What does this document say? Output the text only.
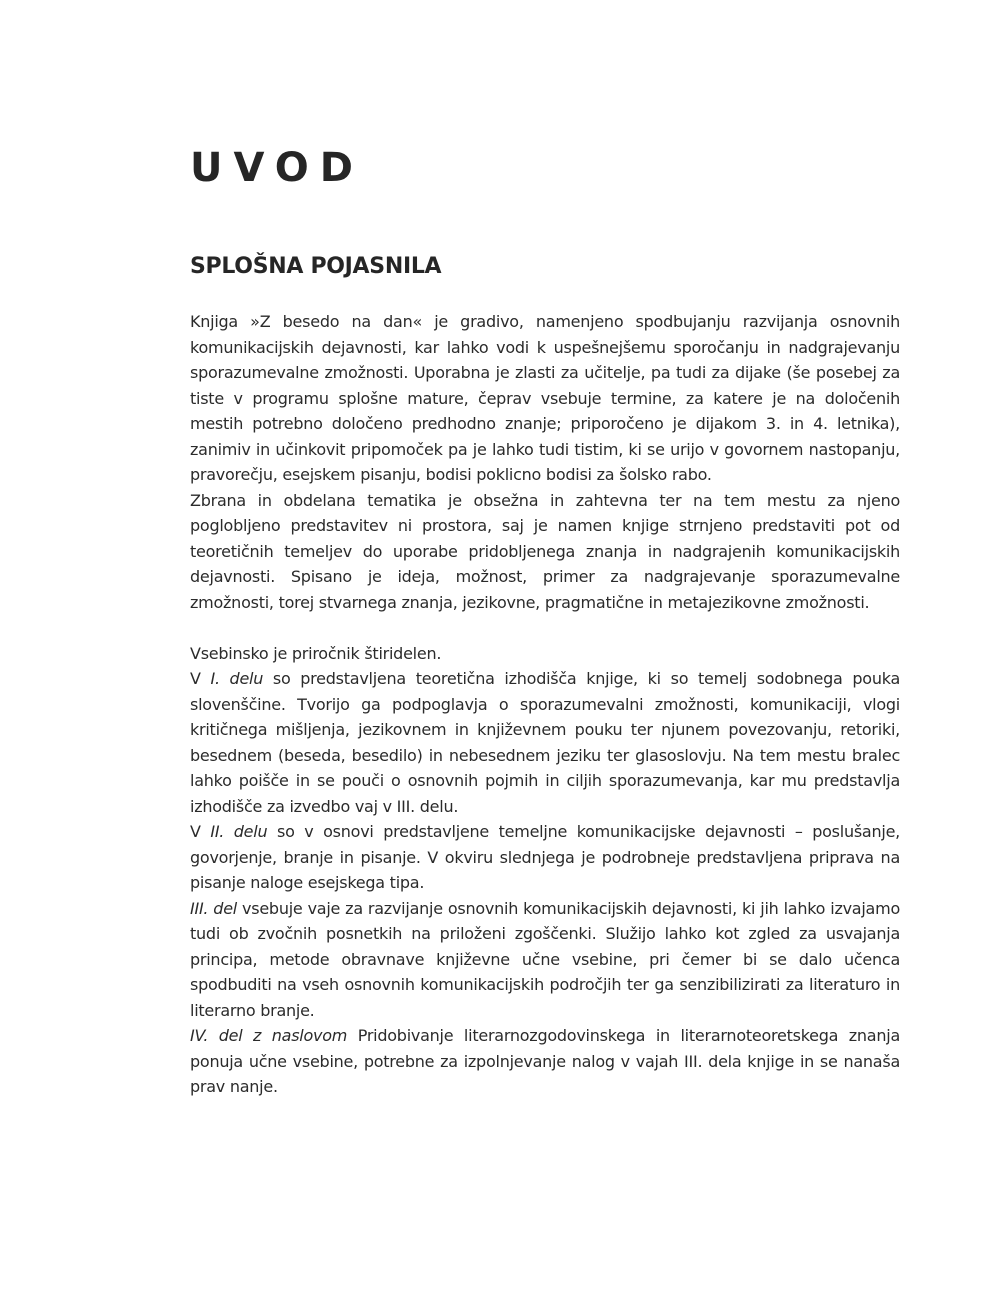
UVOD
SPLOŠNA POJASNILA

Knjiga »Z besedo na dan« je gradivo, namenjeno spodbujanju razvijanja osnovnih komunikacijskih dejavnosti, kar lahko vodi k uspešnejšemu sporočanju in nadgrajevanju sporazumevalne zmožnosti. Uporabna je zlasti za učitelje, pa tudi za dijake (še posebej za tiste v programu splošne mature, čeprav vsebuje termine, za katere je na določenih mestih potrebno določeno predhodno znanje; priporočeno je dijakom 3. in 4. letnika), zanimiv in učinkovit pripomoček pa je lahko tudi tistim, ki se urijo v govornem nastopanju, pravorečju, esejskem pisanju, bodisi poklicno bodisi za šolsko rabo.

Zbrana in obdelana tematika je obsežna in zahtevna ter na tem mestu za njeno poglobljeno predstavitev ni prostora, saj je namen knjige strnjeno predstaviti pot od teoretičnih temeljev do uporabe pridobljenega znanja in nadgrajenih komunikacijskih dejavnosti. Spisano je ideja, možnost, primer za nadgrajevanje sporazumevalne zmožnosti, torej stvarnega znanja, jezikovne, pragmatične in metajezikovne zmožnosti.

Vsebinsko je priročnik štiridelen.

V I. delu so predstavljena teoretična izhodišča knjige, ki so temelj sodobnega pouka slovenščine. Tvorijo ga podpoglavja o sporazumevalni zmožnosti, komunikaciji, vlogi kritičnega mišljenja, jezikovnem in književnem pouku ter njunem povezovanju, retoriki, besednem (beseda, besedilo) in nebesednem jeziku ter glasoslovju. Na tem mestu bralec lahko poišče in se pouči o osnovnih pojmih in ciljih sporazumevanja, kar mu predstavlja izhodišče za izvedbo vaj v III. delu.

V II. delu so v osnovi predstavljene temeljne komunikacijske dejavnosti – poslušanje, govorjenje, branje in pisanje. V okviru slednjega je podrobneje predstavljena priprava na pisanje naloge esejskega tipa.

III. del vsebuje vaje za razvijanje osnovnih komunikacijskih dejavnosti, ki jih lahko izvajamo tudi ob zvočnih posnetkih na priloženi zgoščenki. Služijo lahko kot zgled za usvajanja principa, metode obravnave književne učne vsebine, pri čemer bi se dalo učenca spodbuditi na vseh osnovnih komunikacijskih področjih ter ga senzibilizirati za literaturo in literarno branje.

IV. del z naslovom Pridobivanje literarnozgodovinskega in literarnoteoretskega znanja ponuja učne vsebine, potrebne za izpolnjevanje nalog v vajah III. dela knjige in se nanaša prav nanje.
